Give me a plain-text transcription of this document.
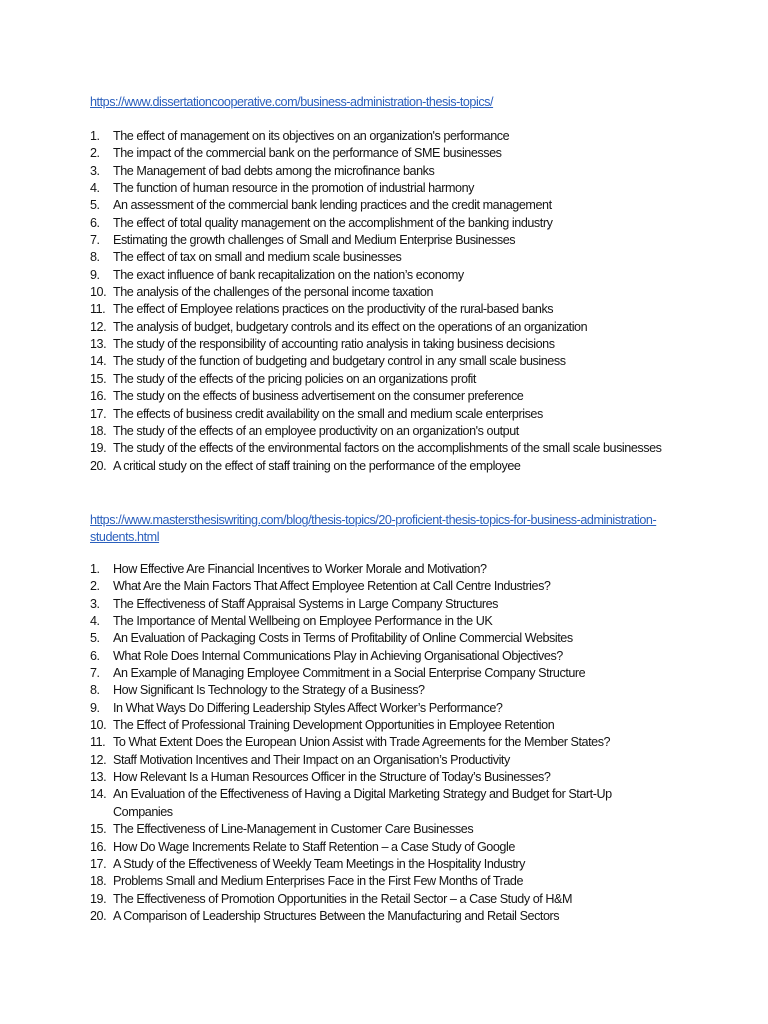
https://www.dissertationcooperative.com/business-administration-thesis-topics/
1.	The effect of management on its objectives on an organization's performance
2.	The impact of the commercial bank on the performance of SME businesses
3.	The Management of bad debts among the microfinance banks
4.	The function of human resource in the promotion of industrial harmony
5.	An assessment of the commercial bank lending practices and the credit management
6.	The effect of total quality management on the accomplishment of the banking industry
7.	Estimating the growth challenges of Small and Medium Enterprise Businesses
8.	The effect of tax on small and medium scale businesses
9.	The exact influence of bank recapitalization on the nation’s economy
10. The analysis of the challenges of the personal income taxation
11. The effect of Employee relations practices on the productivity of the rural-based banks
12. The analysis of budget, budgetary controls and its effect on the operations of an organization
13. The study of the responsibility of accounting ratio analysis in taking business decisions
14. The study of the function of budgeting and budgetary control in any small scale business
15. The study of the effects of the pricing policies on an organizations profit
16. The study on the effects of business advertisement on the consumer preference
17. The effects of business credit availability on the small and medium scale enterprises
18. The study of the effects of an employee productivity on an organization's output
19. The study of the effects of the environmental factors on the accomplishments of the small scale businesses
20. A critical study on the effect of staff training on the performance of the employee
https://www.mastersthesiswriting.com/blog/thesis-topics/20-proficient-thesis-topics-for-business-administration-students.html
1.	How Effective Are Financial Incentives to Worker Morale and Motivation?
2.	What Are the Main Factors That Affect Employee Retention at Call Centre Industries?
3.	The Effectiveness of Staff Appraisal Systems in Large Company Structures
4.	The Importance of Mental Wellbeing on Employee Performance in the UK
5.	An Evaluation of Packaging Costs in Terms of Profitability of Online Commercial Websites
6.	What Role Does Internal Communications Play in Achieving Organisational Objectives?
7.	An Example of Managing Employee Commitment in a Social Enterprise Company Structure
8.	How Significant Is Technology to the Strategy of a Business?
9.	In What Ways Do Differing Leadership Styles Affect Worker’s Performance?
10. The Effect of Professional Training Development Opportunities in Employee Retention
11. To What Extent Does the European Union Assist with Trade Agreements for the Member States?
12. Staff Motivation Incentives and Their Impact on an Organisation’s Productivity
13. How Relevant Is a Human Resources Officer in the Structure of Today’s Businesses?
14. An Evaluation of the Effectiveness of Having a Digital Marketing Strategy and Budget for Start-Up Companies
15. The Effectiveness of Line-Management in Customer Care Businesses
16. How Do Wage Increments Relate to Staff Retention – a Case Study of Google
17. A Study of the Effectiveness of Weekly Team Meetings in the Hospitality Industry
18. Problems Small and Medium Enterprises Face in the First Few Months of Trade
19. The Effectiveness of Promotion Opportunities in the Retail Sector – a Case Study of H&M
20. A Comparison of Leadership Structures Between the Manufacturing and Retail Sectors
